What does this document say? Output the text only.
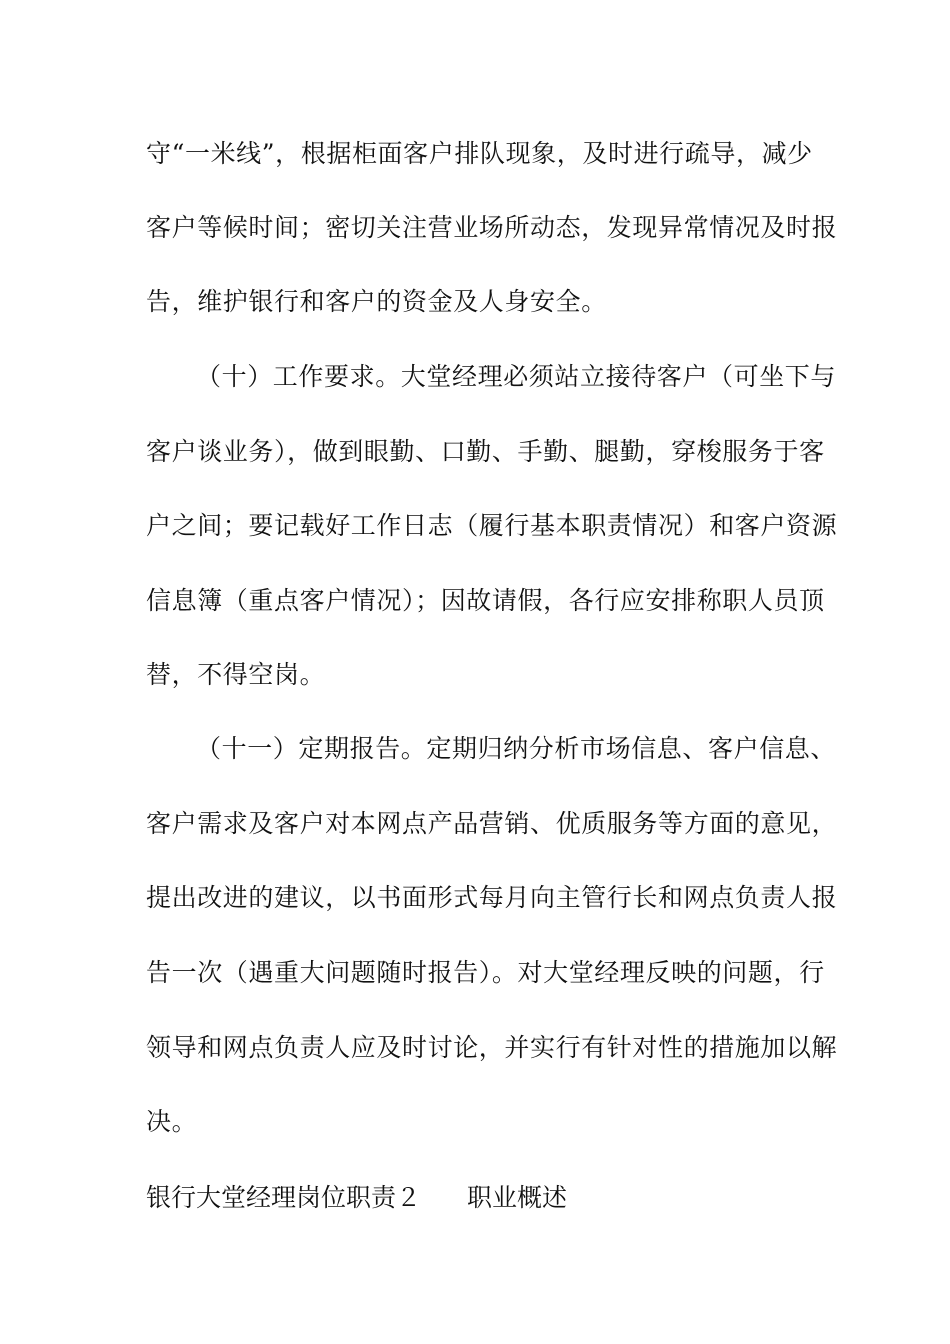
守“一米线”，根据柜面客户排队现象，及时进行疏导，减少
客户等候时间；密切关注营业场所动态，发现异常情况及时报
告，维护银行和客户的资金及人身安全。
（十）工作要求。大堂经理必须站立接待客户（可坐下与
客户谈业务），做到眼勤、口勤、手勤、腿勤，穿梭服务于客
户之间；要记载好工作日志（履行基本职责情况）和客户资源
信息簿（重点客户情况）；因故请假，各行应安排称职人员顶
替，不得空岗。
（十一）定期报告。定期归纳分析市场信息、客户信息、
客户需求及客户对本网点产品营销、优质服务等方面的意见，
提出改进的建议，以书面形式每月向主管行长和网点负责人报
告一次（遇重大问题随时报告）。对大堂经理反映的问题，行
领导和网点负责人应及时讨论，并实行有针对性的措施加以解
决。
银行大堂经理岗位职责２ 职业概述
